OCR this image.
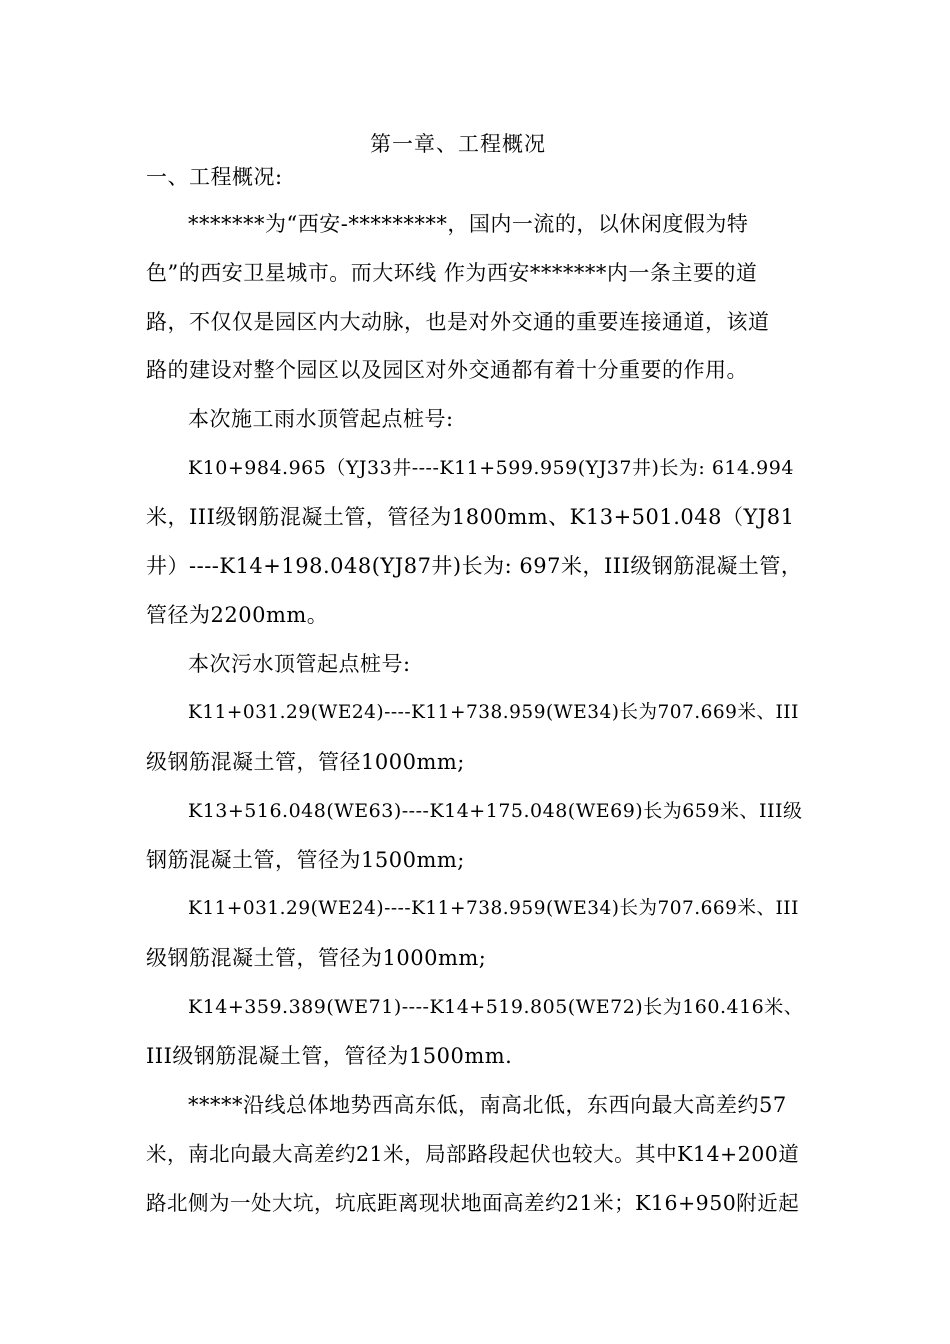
第一章、工程概况
一、工程概况:
*******为“西安-*********，国内一流的，以休闲度假为特
色”的西安卫星城市。而大环线 作为西安*******内一条主要的道
路，不仅仅是园区内大动脉，也是对外交通的重要连接通道，该道
路的建设对整个园区以及园区对外交通都有着十分重要的作用。
本次施工雨水顶管起点桩号:
K10+984.965（YJ33井----K11+599.959(YJ37井)长为: 614.994
米，III级钢筋混凝土管，管径为1800mm、K13+501.048（YJ81
井）----K14+198.048(YJ87井)长为: 697米，III级钢筋混凝土管，
管径为2200mm。
本次污水顶管起点桩号:
K11+031.29(WE24)----K11+738.959(WE34)长为707.669米、III
级钢筋混凝土管，管径1000mm;
K13+516.048(WE63)----K14+175.048(WE69)长为659米、III级
钢筋混凝土管，管径为1500mm;
K11+031.29(WE24)----K11+738.959(WE34)长为707.669米、III
级钢筋混凝土管，管径为1000mm;
K14+359.389(WE71)----K14+519.805(WE72)长为160.416米、
III级钢筋混凝土管，管径为1500mm.
*****沿线总体地势西高东低，南高北低，东西向最大高差约57
米，南北向最大高差约21米，局部路段起伏也较大。其中K14+200道
路北侧为一处大坑，坑底距离现状地面高差约21米；K16+950附近起
